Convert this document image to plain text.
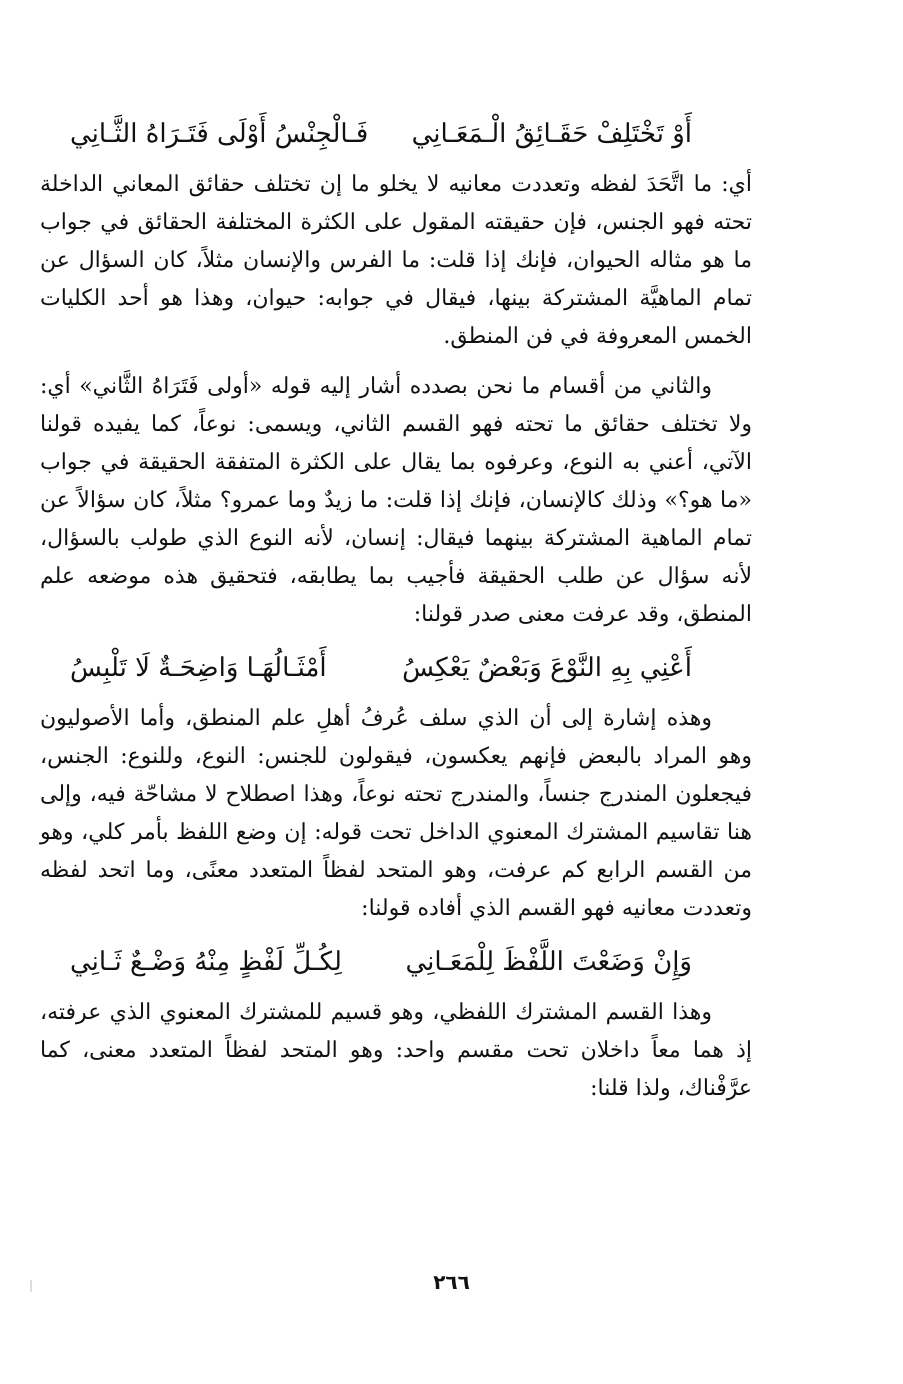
أَوْ تَخْتَلِفْ حَقَـائِقُ الْـمَعَـانِي
فَـالْجِنْسُ أَوْلَى فَتَـرَاهُ الثَّـانِي

أي: ما اتَّحَدَ لفظه وتعددت معانيه لا يخلو ما إن تختلف حقائق المعاني الداخلة تحته فهو الجنس، فإن حقيقته المقول على الكثرة المختلفة الحقائق في جواب ما هو مثاله الحيوان، فإنك إذا قلت: ما الفرس والإنسان مثلاً، كان السؤال عن تمام الماهيَّة المشتركة بينها، فيقال في جوابه: حيوان، وهذا هو أحد الكليات الخمس المعروفة في فن المنطق.

والثاني من أقسام ما نحن بصدده أشار إليه قوله «أولى فَتَرَاهُ الثَّاني» أي: ولا تختلف حقائق ما تحته فهو القسم الثاني، ويسمى: نوعاً، كما يفيده قولنا الآتي، أعني به النوع، وعرفوه بما يقال على الكثرة المتفقة الحقيقة في جواب «ما هو؟» وذلك كالإنسان، فإنك إذا قلت: ما زيدٌ وما عمرو؟ مثلاً، كان سؤالاً عن تمام الماهية المشتركة بينهما فيقال: إنسان، لأنه النوع الذي طولب بالسؤال، لأنه سؤال عن طلب الحقيقة فأجيب بما يطابقه، فتحقيق هذه موضعه علم المنطق، وقد عرفت معنى صدر قولنا:

أَعْنِي بِهِ النَّوْعَ وَبَعْضٌ يَعْكِسُ
أَمْثَـالُهَـا وَاضِحَـةٌ لَا تَلْبِسُ

وهذه إشارة إلى أن الذي سلف عُرفُ أهلِ علم المنطق، وأما الأصوليون وهو المراد بالبعض فإنهم يعكسون، فيقولون للجنس: النوع، وللنوع: الجنس، فيجعلون المندرج جنساً، والمندرج تحته نوعاً، وهذا اصطلاح لا مشاحّة فيه، وإلى هنا تقاسيم المشترك المعنوي الداخل تحت قوله: إن وضع اللفظ بأمر كلي، وهو من القسم الرابع كم عرفت، وهو المتحد لفظاً المتعدد معنًى، وما اتحد لفظه وتعددت معانيه فهو القسم الذي أفاده قولنا:

وَإِنْ وَضَعْتَ اللَّفْظَ لِلْمَعَـانِي
لِكُـلِّ لَفْظٍ مِنْهُ وَضْـعٌ ثَـانِي

وهذا القسم المشترك اللفظي، وهو قسيم للمشترك المعنوي الذي عرفته، إذ هما معاً داخلان تحت مقسم واحد: وهو المتحد لفظاً المتعدد معنى، كما عرَّفْناك، ولذا قلنا:

٢٦٦
